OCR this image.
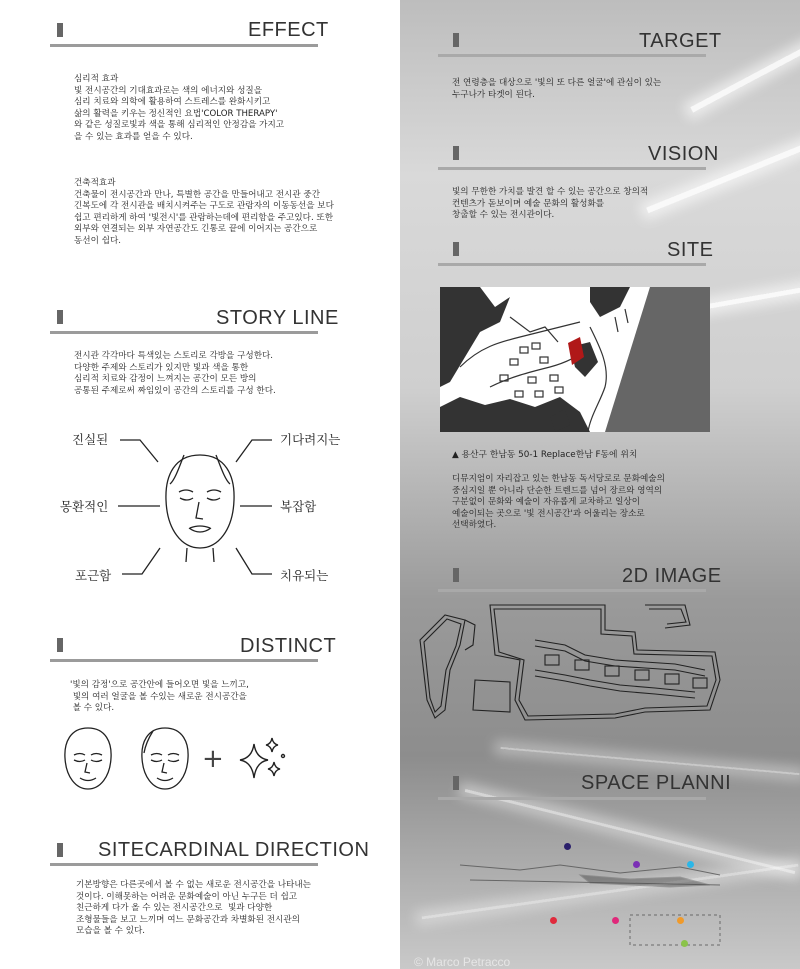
EFFECT
심리적 효과
빛 전시공간의 기대효과로는 색의 에너지와 성질을
심리 치료와 의학에 활용하여 스트레스를 완화시키고
삶의 활력을 키우는 정신적인 요법'COLOR THERAPY'
와 같은 성질로빛과 색을 통해 심리적인 안정감을 가지고
을 수 있는 효과를 얻을 수 있다.
건축적효과
건축물이 전시공간과 만나, 특별한 공간을 만들어내고 전시관 중간
긴복도에 각 전시관을 배치시켜주는 구도로 관람자의 이동동선을 보다
쉽고 편리하게 하여 '빛전시'를 관람하는데에 편리함을 주고있다. 또한
외부와 연결되는 외부 자연공간도 긴통로 끝에 이어지는 공간으로
동선이 쉽다.
STORY LINE
전시관 각각마다 특색있는 스토리로 각방을 구성한다.
다양한 주제와 스토리가 있지만 빛과 색을 통한
심리적 치료와 감정이 느껴지는 공간이 모든 방의
공통된 주제로써 짜임있이 공간의 스토리를 구성 한다.
진실된	기다려지는
몽환적인	복잡함
포근함	치유되는
DISTINCT
'빛의 감정'으로 공간안에 들어오면 빛을 느끼고,
빛의 여러 얼굴을 볼 수있는 새로운 전시공간을
볼 수 있다.
+
SITECARDINAL DIRECTION
기본방향은 다른곳에서 볼 수 없는 새로운 전시공간을 나타내는
것이다. 이해못하는 어려운 문화예술이 아닌 누구든 더 쉽고
친근하게 다가 올 수 있는 전시공간으로  빛과 다양한
조형물들을 보고 느끼며 여느 문화공간과 차별화된 전시관의
모습을 볼 수 있다.
TARGET
전 연령층을 대상으로 '빛의 또 다른 얼굴'에 관심이 있는
누구나가 타겟이 된다.
VISION
빛의 무한한 가치를 발견 할 수 있는 공간으로 창의적
컨텐츠가 돋보이며 예술 문화의 활성화를
창출할 수 있는 전시관이다.
SITE
▲ 용산구 한남동 50-1 Replace한남 F동에 위치
디뮤지엄이 자리잡고 있는 한남동 독서당로로 문화예술의
중심지일 뿐 아니라 단순한 트렌드를 넘어 장르와 영역의
구분없이 문화와 예술이 자유롭게 교차하고 일상이
예술이되는 곳으로 '빛 전시공간'과 어울리는 장소로
선택하였다.
2D IMAGE
SPACE PLANNI
© Marco Petracco
